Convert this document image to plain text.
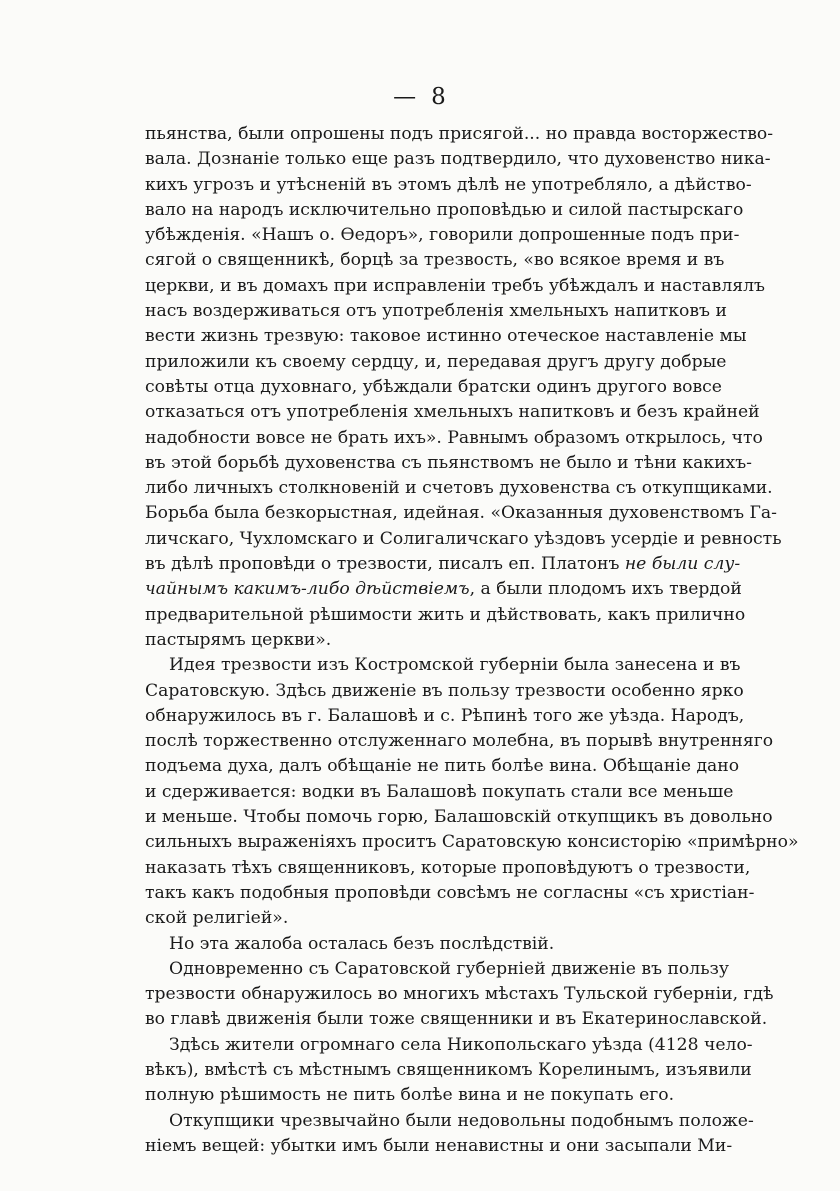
— 8
пьянства, были опрошены подъ присягой... но правда восторжество-
вала. Дознаніе только еще разъ подтвердило, что духовенство ника-
кихъ угрозъ и утѣсненій въ этомъ дѣлѣ не употребляло, а дѣйство-
вало на народъ исключительно проповѣдью и силой пастырскаго
убѣжденія. «Нашъ о. Ѳедоръ», говорили допрошенные подъ при-
сягой о священникѣ, борцѣ за трезвость, «во всякое время и въ
церкви, и въ домахъ при исправленіи требъ убѣждалъ и наставлялъ
насъ воздерживаться отъ употребленія хмельныхъ напитковъ и
вести жизнь трезвую: таковое истинно отеческое наставленіе мы
приложили къ своему сердцу, и, передавая другъ другу добрые
совѣты отца духовнаго, убѣждали братски одинъ другого вовсе
отказаться отъ употребленія хмельныхъ напитковъ и безъ крайней
надобности вовсе не брать ихъ». Равнымъ образомъ открылось, что
въ этой борьбѣ духовенства съ пьянствомъ не было и тѣни какихъ-
либо личныхъ столкновеній и счетовъ духовенства съ откупщиками.
Борьба была безкорыстная, идейная. «Оказанныя духовенствомъ Га-
личскаго, Чухломскаго и Солигаличскаго уѣздовъ усердіе и ревность
въ дѣлѣ проповѣди о трезвости, писалъ еп. Платонъ не были слу-
чайнымъ какимъ-либо дѣйствіемъ, а были плодомъ ихъ твердой
предварительной рѣшимости жить и дѣйствовать, какъ прилично
пастырямъ церкви».
Идея трезвости изъ Костромской губерніи была занесена и въ
Саратовскую. Здѣсь движеніе въ пользу трезвости особенно ярко
обнаружилось въ г. Балашовѣ и с. Рѣпинѣ того же уѣзда. Народъ,
послѣ торжественно отслуженнаго молебна, въ порывѣ внутренняго
подъема духа, далъ обѣщаніе не пить болѣе вина. Обѣщаніе дано
и сдерживается: водки въ Балашовѣ покупать стали все меньше
и меньше. Чтобы помочь горю, Балашовскій откупщикъ въ довольно
сильныхъ выраженіяхъ проситъ Саратовскую консисторію «примѣрно»
наказать тѣхъ священниковъ, которые проповѣдуютъ о трезвости,
такъ какъ подобныя проповѣди совсѣмъ не согласны «съ христіан-
ской религіей».
Но эта жалоба осталась безъ послѣдствій.
Одновременно съ Саратовской губерніей движеніе въ пользу
трезвости обнаружилось во многихъ мѣстахъ Тульской губерніи, гдѣ
во главѣ движенія были тоже священники и въ Екатеринославской.
Здѣсь жители огромнаго села Никопольскаго уѣзда (4128 чело-
вѣкъ), вмѣстѣ съ мѣстнымъ священникомъ Корелинымъ, изъявили
полную рѣшимость не пить болѣе вина и не покупать его.
Откупщики чрезвычайно были недовольны подобнымъ положе-
ніемъ вещей: убытки имъ были ненавистны и они засыпали Ми-
